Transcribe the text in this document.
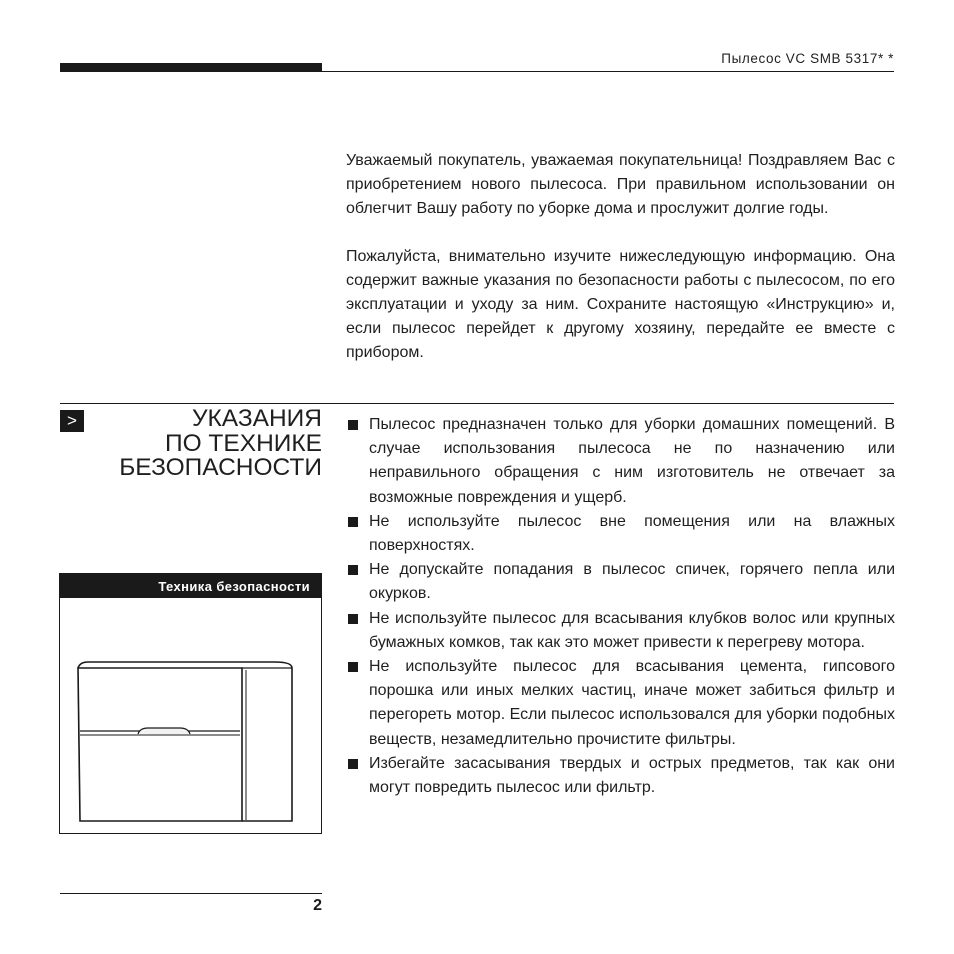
Пылесос VC SMB 5317* *

Уважаемый покупатель, уважаемая покупательница! Поздравляем Вас с приобретением нового пылесоса. При правильном использовании он облегчит Вашу работу по уборке дома и прослужит долгие годы.

Пожалуйста, внимательно изучите нижеследующую информацию. Она содержит важные указания по безопасности работы с пылесосом, по его эксплуатации и уходу за ним. Сохраните настоящую «Инструкцию» и, если пылесос перейдет к другому хозяину, передайте ее вместе с прибором.

>	УКАЗАНИЯ
ПО ТЕХНИКЕ
БЕЗОПАСНОСТИ
Техника безопасности
Пылесос предназначен только для уборки домашних помещений. В случае использования пылесоса не по назначению или неправильного обращения с ним изготовитель не отвечает за возможные повреждения и ущерб.
Не используйте пылесос вне помещения или на влажных поверхностях.
Не допускайте попадания в пылесос спичек, горячего пепла или окурков.
Не используйте пылесос для всасывания клубков волос или крупных бумажных комков, так как это может привести к перегреву мотора.
Не используйте пылесос для всасывания цемента, гипсового порошка или иных мелких частиц, иначе может забиться фильтр и перегореть мотор. Если пылесос использовался для уборки подобных веществ, незамедлительно прочистите фильтры.
Избегайте засасывания твердых и острых предметов, так как они могут повредить пылесос или фильтр.
2
